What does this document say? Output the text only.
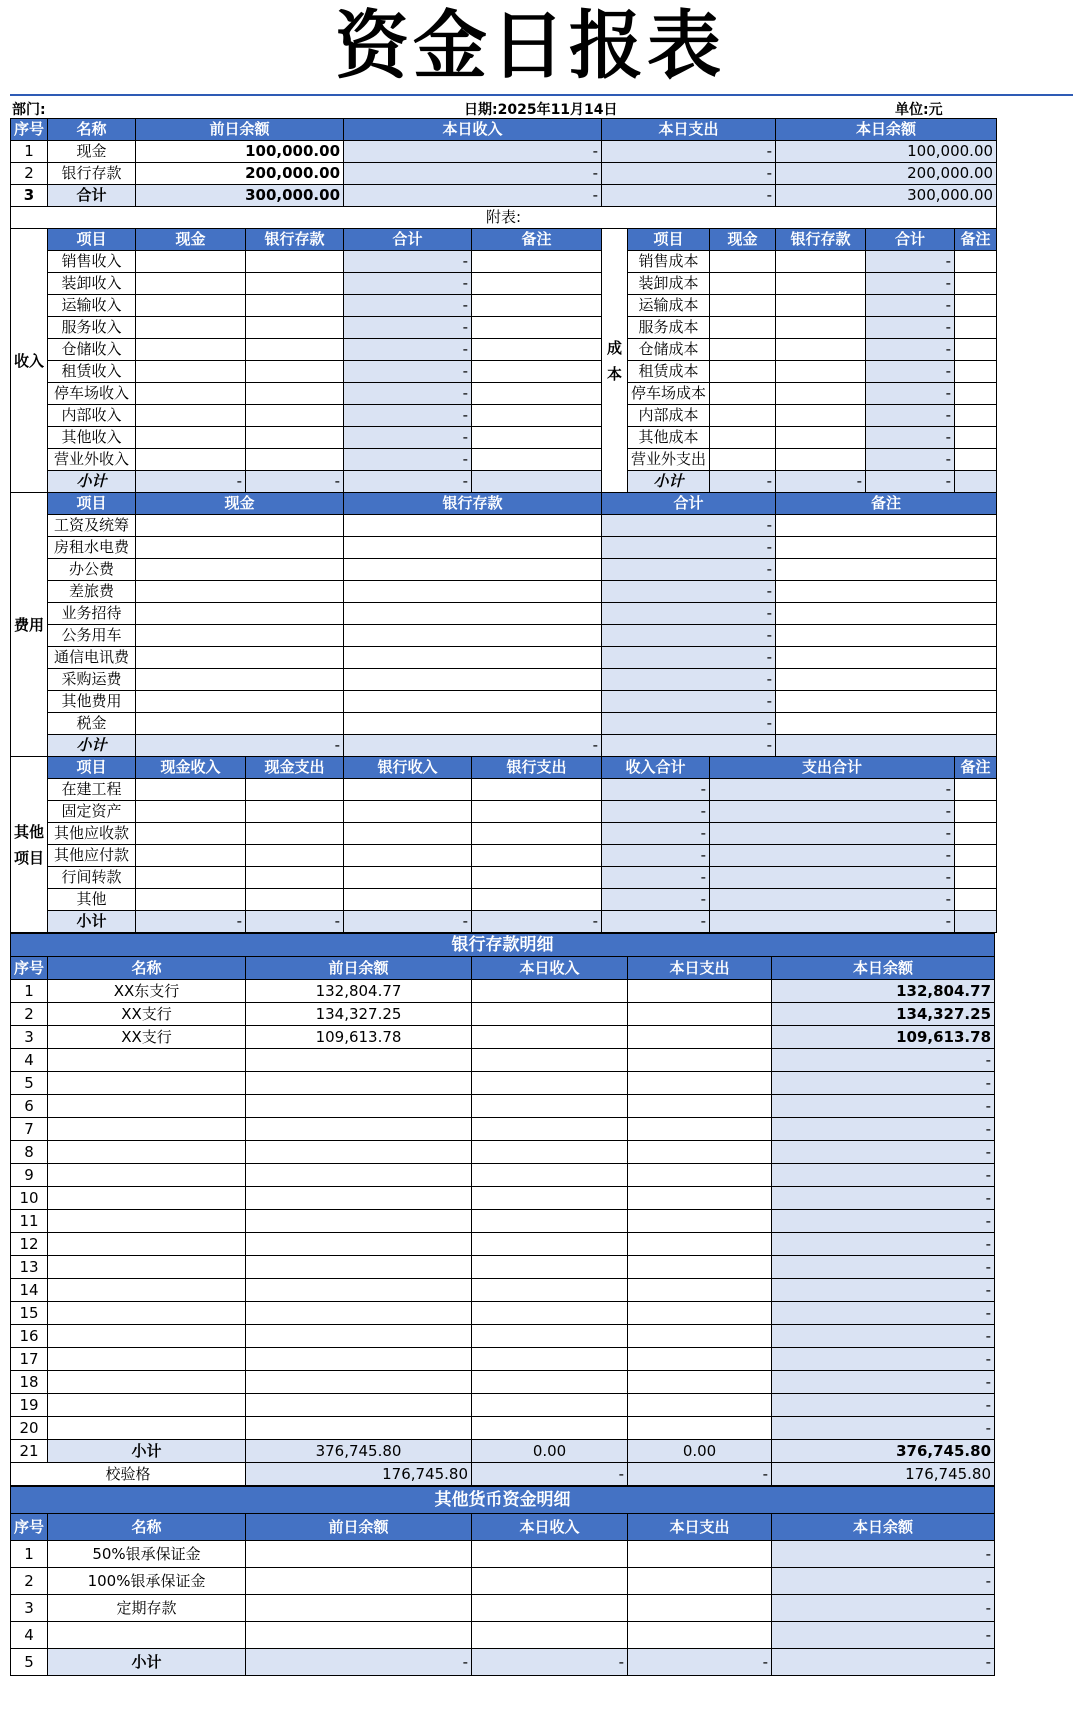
资金日报表
部门:	日期:2025年11月14日	单位:元
序号	名称	前日余额		本日收入		本日支出			本日余额		
1	现金	100,000.00		-		-			100,000.00		
2	银行存款	200,000.00		-		-			200,000.00		
3	合计	300,000.00		-		-			300,000.00		
附表:											
收入	项目	现金	银行存款	合计	备注	成本	项目	现金	银行存款	合计	备注
	销售收入			-			销售成本			-	
	装卸收入			-			装卸成本			-	
	运输收入			-			运输成本			-	
	服务收入			-			服务成本			-	
	仓储收入			-			仓储成本			-	
	租赁收入			-			租赁成本			-	
	停车场收入			-			停车场成本			-	
	内部收入			-			内部成本			-	
	其他收入			-			其他成本			-	
	营业外收入			-			营业外支出			-	
	小计	-	-	-			小计	-	-	-	
费用	项目	现金		银行存款		合计			备注		
	工资及统筹					-					
	房租水电费					-					
	办公费					-					
	差旅费					-					
	业务招待					-					
	公务用车					-					
	通信电讯费					-					
	采购运费					-					
	其他费用					-					
	税金					-					
	小计	-		-		-					
其他项目	项目	现金收入	现金支出	银行收入	银行支出	收入合计		支出合计			备注
	在建工程					-		-			
	固定资产					-		-			
	其他应收款					-		-			
	其他应付款					-		-			
	行间转款					-		-			
	其他					-		-			
	小计	-	-	-	-	-		-			
银行存款明细					
序号	名称	前日余额	本日收入	本日支出	本日余额
1	XX东支行	132,804.77			132,804.77
2	XX支行	134,327.25			134,327.25
3	XX支行	109,613.78			109,613.78
4					-
5					-
6					-
7					-
8					-
9					-
10					-
11					-
12					-
13					-
14					-
15					-
16					-
17					-
18					-
19					-
20					-
21	小计	376,745.80	0.00	0.00	376,745.80
校验格		176,745.80	-	-	176,745.80
其他货币资金明细					
序号	名称	前日余额	本日收入	本日支出	本日余额
1	50%银承保证金				-
2	100%银承保证金				-
3	定期存款				-
4					-
5	小计	-	-	-	-
